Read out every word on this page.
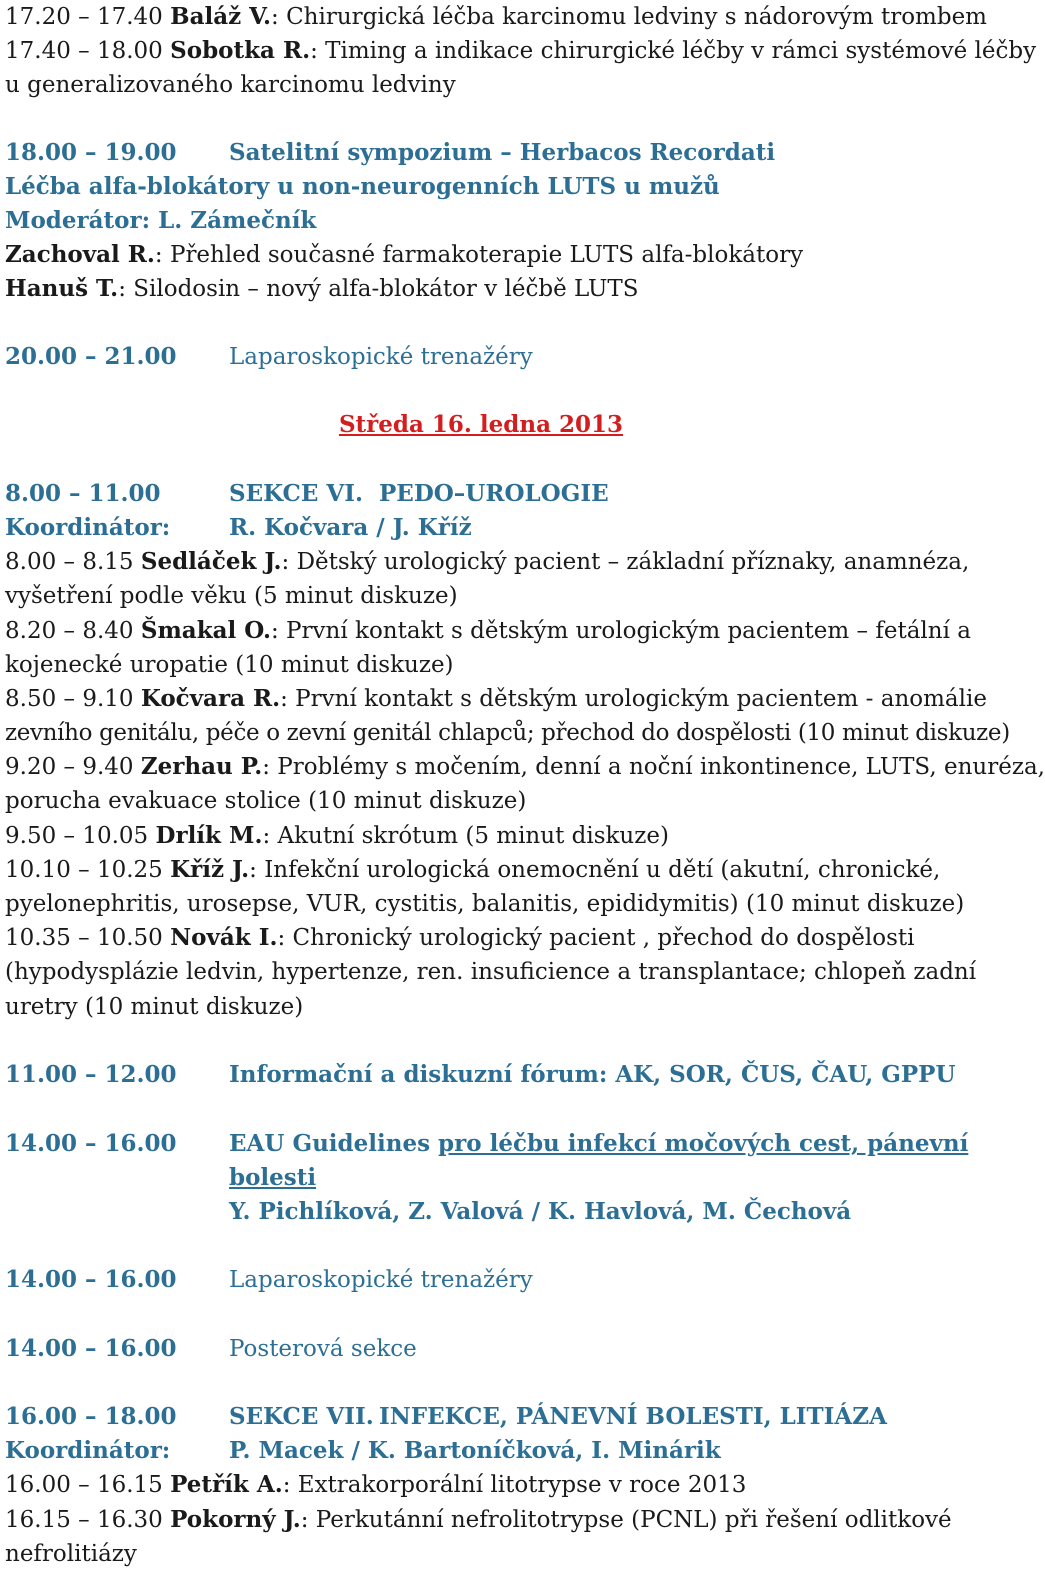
17.20 – 17.40 Baláž V.: Chirurgická léčba karcinomu ledviny s nádorovým trombem
17.40 – 18.00 Sobotka R.: Timing a indikace chirurgické léčby v rámci systémové léčby
u generalizovaného karcinomu ledviny
18.00 – 19.00 Satelitní sympozium – Herbacos Recordati
Léčba alfa-blokátory u non-neurogenních LUTS u mužů
Moderátor: L. Zámečník
Zachoval R.: Přehled současné farmakoterapie LUTS alfa-blokátory
Hanuš T.: Silodosin – nový alfa-blokátor v léčbě LUTS
20.00 – 21.00 Laparoskopické trenažéry
Středa 16. ledna 2013
8.00 – 11.00	SEKCE VI. PEDO–UROLOGIE
Koordinátor:	R. Kočvara / J. Kříž
8.00 – 8.15 Sedláček J.: Dětský urologický pacient – základní příznaky, anamnéza,
vyšetření podle věku (5 minut diskuze)
8.20 – 8.40 Šmakal O.: První kontakt s dětským urologickým pacientem – fetální a
kojenecké uropatie (10 minut diskuze)
8.50 – 9.10 Kočvara R.: První kontakt s dětským urologickým pacientem - anomálie
zevního genitálu, péče o zevní genitál chlapců; přechod do dospělosti (10 minut diskuze)
9.20 – 9.40 Zerhau P.: Problémy s močením, denní a noční inkontinence, LUTS, enuréza,
porucha evakuace stolice (10 minut diskuze)
9.50 – 10.05 Drlík M.: Akutní skrótum (5 minut diskuze)
10.10 – 10.25 Kříž J.: Infekční urologická onemocnění u dětí (akutní, chronické,
pyelonephritis, urosepse, VUR, cystitis, balanitis, epididymitis) (10 minut diskuze)
10.35 – 10.50 Novák I.: Chronický urologický pacient , přechod do dospělosti
(hypodysplázie ledvin, hypertenze, ren. insuficience a transplantace; chlopeň zadní
uretry (10 minut diskuze)
11.00 – 12.00 Informační a diskuzní fórum: AK, SOR, ČUS, ČAU, GPPU
14.00 – 16.00 EAU Guidelines pro léčbu infekcí močových cest, pánevní
bolesti
Y. Pichlíková, Z. Valová / K. Havlová, M. Čechová
14.00 – 16.00 Laparoskopické trenažéry
14.00 – 16.00 Posterová sekce
16.00 – 18.00 SEKCE VII. INFEKCE, PÁNEVNÍ BOLESTI, LITIÁZA
Koordinátor:	P. Macek / K. Bartoníčková, I. Minárik
16.00 – 16.15 Petřík A.: Extrakorporální litotrypse v roce 2013
16.15 – 16.30 Pokorný J.: Perkutánní nefrolitotrypse (PCNL) při řešení odlitkové
nefrolitiázy
